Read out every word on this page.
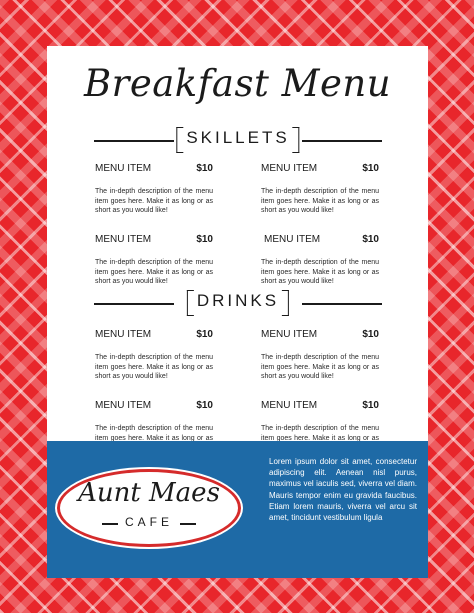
Breakfast Menu
SKILLETS
MENU ITEM	$10
The in-depth description of the menu item goes here. Make it as long or as short as you would like!
MENU ITEM	$10
The in-depth description of the menu item goes here. Make it as long or as short as you would like!
MENU ITEM	$10
The in-depth description of the menu item goes here. Make it as long or as short as you would like!
MENU ITEM	$10
The in-depth description of the menu item goes here. Make it as long or as short as you would like!
DRINKS
MENU ITEM	$10
The in-depth description of the menu item goes here. Make it as long or as short as you would like!
MENU ITEM	$10
The in-depth description of the menu item goes here. Make it as long or as short as you would like!
MENU ITEM	$10
The in-depth description of the menu item goes here. Make it as long or as
MENU ITEM	$10
The in-depth description of the menu item goes here. Make it as long or as
Aunt Maes
CAFE
Lorem ipsum dolor sit amet, consectetur adipiscing elit. Aenean nisl purus, maximus vel iaculis sed, viverra vel diam. Mauris tempor enim eu gravida faucibus. Etiam lorem mauris, viverra vel arcu sit amet, tincidunt vestibulum ligula
